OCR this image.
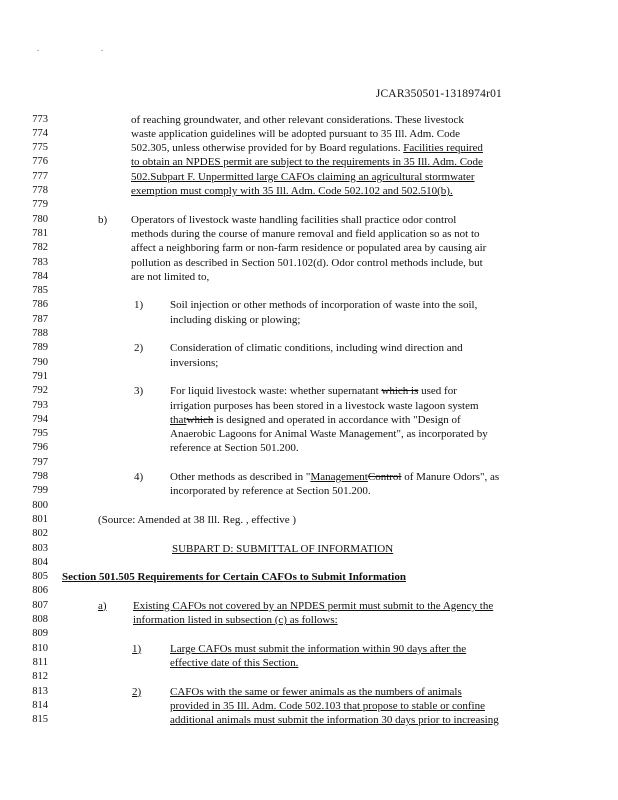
. .
JCAR350501-1318974r01
773	of reaching groundwater, and other relevant considerations. These livestock
774	waste application guidelines will be adopted pursuant to 35 Ill. Adm. Code
775	502.305, unless otherwise provided for by Board regulations. Facilities required
776	to obtain an NPDES permit are subject to the requirements in 35 Ill. Adm. Code
777	502.Subpart F. Unpermitted large CAFOs claiming an agricultural stormwater
778	exemption must comply with 35 Ill. Adm. Code 502.102 and 502.510(b).
779
780	b) Operators of livestock waste handling facilities shall practice odor control
781	methods during the course of manure removal and field application so as not to
782	affect a neighboring farm or non-farm residence or populated area by causing air
783	pollution as described in Section 501.102(d). Odor control methods include, but
784	are not limited to,
785
786	1) Soil injection or other methods of incorporation of waste into the soil,
787	including disking or plowing;
788
789	2) Consideration of climatic conditions, including wind direction and
790	inversions;
791
792	3) For liquid livestock waste: whether supernatant which is used for
793	irrigation purposes has been stored in a livestock waste lagoon system
794	thatwhich is designed and operated in accordance with "Design of
795	Anaerobic Lagoons for Animal Waste Management", as incorporated by
796	reference at Section 501.200.
797
798	4) Other methods as described in "ManagementControl of Manure Odors", as
799	incorporated by reference at Section 501.200.
800
801	(Source: Amended at 38 Ill. Reg. , effective )
802
803	SUBPART D: SUBMITTAL OF INFORMATION
804
805 Section 501.505 Requirements for Certain CAFOs to Submit Information
806
807	a) Existing CAFOs not covered by an NPDES permit must submit to the Agency the
808	information listed in subsection (c) as follows:
809
810	1)	Large CAFOs must submit the information within 90 days after the
811	effective date of this Section.
812
813	2)	CAFOs with the same or fewer animals as the numbers of animals
814	provided in 35 Ill. Adm. Code 502.103 that propose to stable or confine
815	additional animals must submit the information 30 days prior to increasing
